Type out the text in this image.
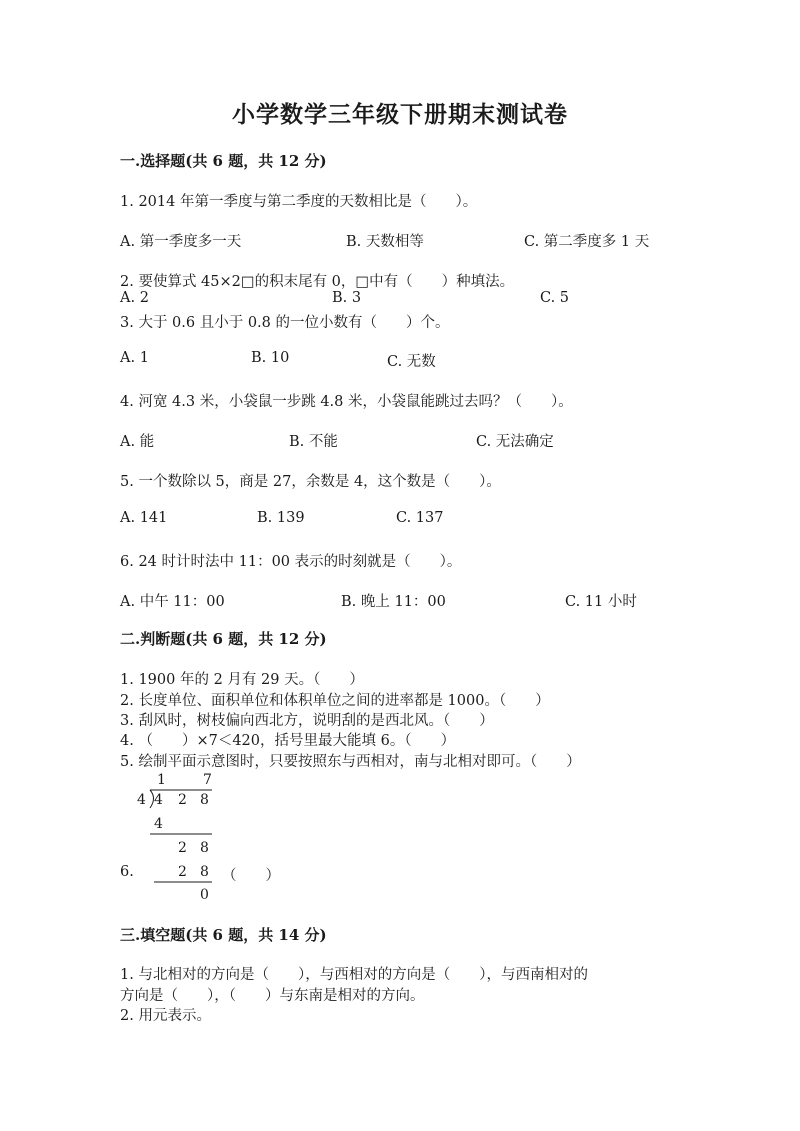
小学数学三年级下册期末测试卷
一.选择题(共 6 题，共 12 分)
1. 2014 年第一季度与第二季度的天数相比是（　　）。
A. 第一季度多一天	B. 天数相等	C. 第二季度多 1 天
2. 要使算式 45×2□的积末尾有 0，□中有（　　）种填法。
A. 2	B. 3	C. 5
3. 大于 0.6 且小于 0.8 的一位小数有（　　）个。
A. 1	B. 10	C. 无数
4. 河宽 4.3 米，小袋鼠一步跳 4.8 米，小袋鼠能跳过去吗？（　　）。
A. 能	B. 不能	C. 无法确定
5. 一个数除以 5，商是 27，余数是 4，这个数是（　　）。
A. 141	B. 139	C. 137
6. 24 时计时法中 11：00 表示的时刻就是（　　）。
A. 中午 11：00	B. 晚上 11：00	C. 11 小时
二.判断题(共 6 题，共 12 分)
1. 1900 年的 2 月有 29 天。（　　）
2. 长度单位、面积单位和体积单位之间的进率都是 1000。（　　）
3. 刮风时，树枝偏向西北方，说明刮的是西北风。（　　）
4. （　　）×7＜420，括号里最大能填 6。（　　）
5. 绘制平面示意图时，只要按照东与西相对，南与北相对即可。（　　）
1	7
4 4 2 8
4
2 8
2 8
0
6.	（　　）
三.填空题(共 6 题，共 14 分)
1. 与北相对的方向是（　　），与西相对的方向是（　　），与西南相对的
方向是（　　），（　　）与东南是相对的方向。
2. 用元表示。
